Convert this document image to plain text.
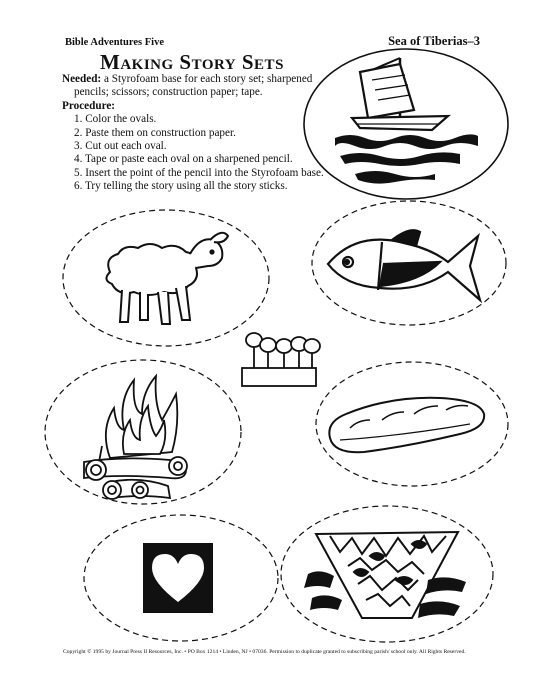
Bible Adventures Five	Sea of Tiberias–3
Making Story Sets

Needed: a Styrofoam base for each story set; sharpened pencils; scissors; construction paper; tape.

Procedure:

1. Color the ovals.
2. Paste them on construction paper.
3. Cut out each oval.
4. Tape or paste each oval on a sharpened pencil.
5. Insert the point of the pencil into the Styrofoam base.
6. Try telling the story using all the story sticks.
Copyright © 1995 by Journal Press II Resources, Inc. • PO Box 1214 • Linden, NJ • 07036. Permission to duplicate granted to subscribing parish/ school only. All Rights Reserved.
